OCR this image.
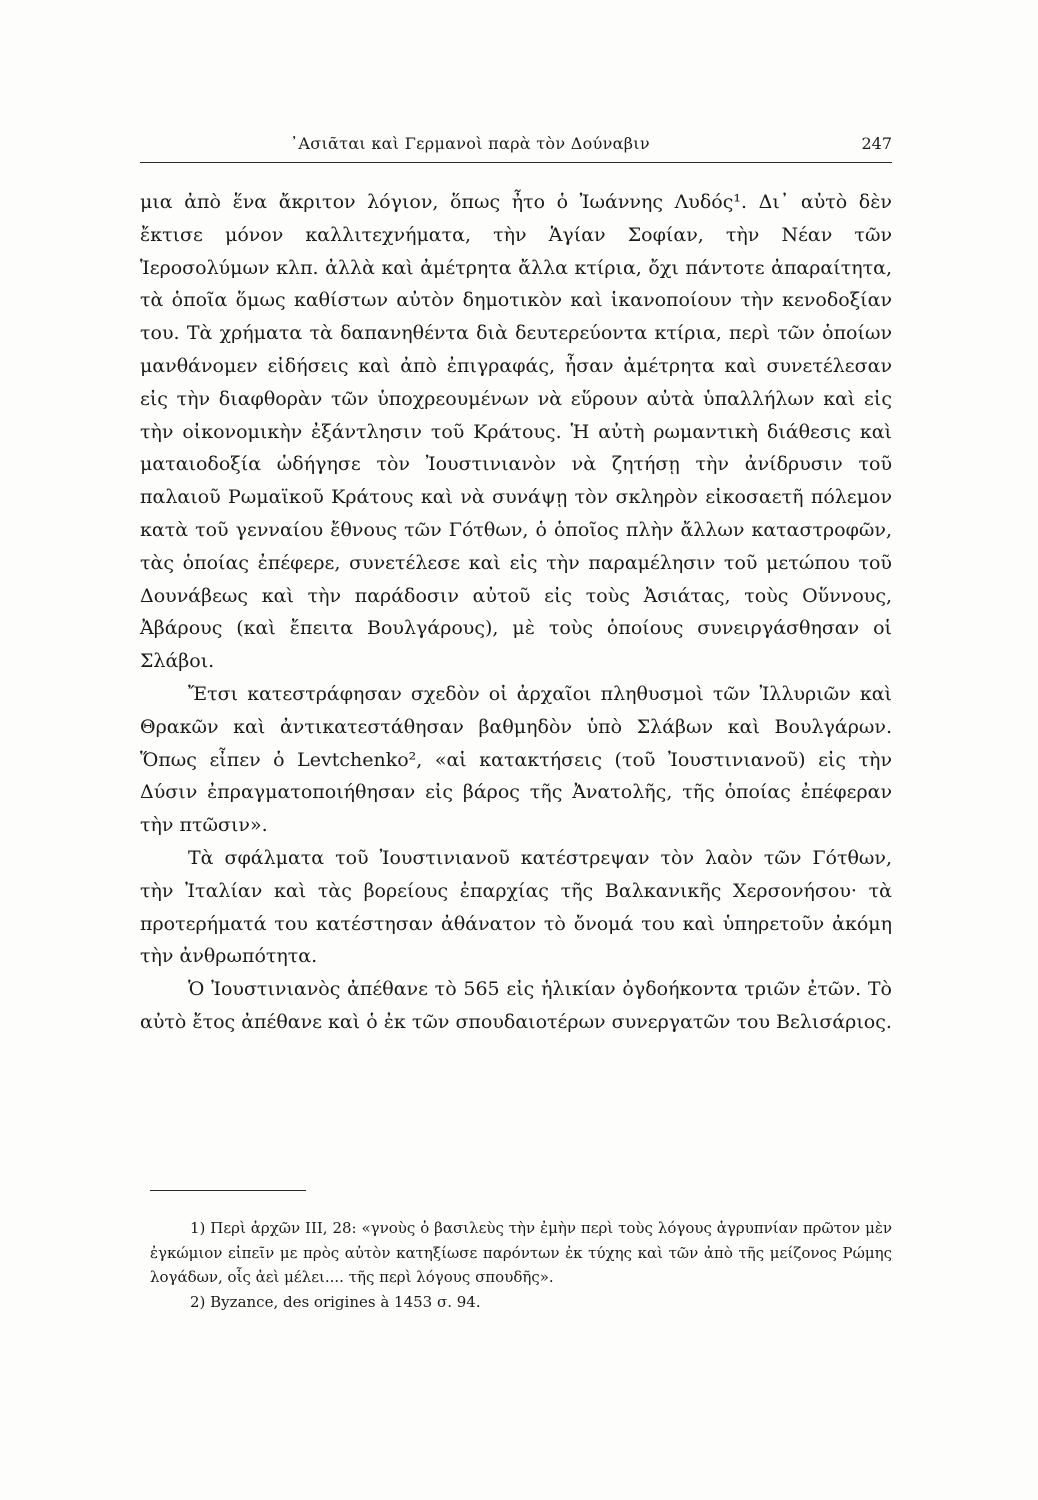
᾿Ασιᾶται καὶ Γερμανοὶ παρὰ τὸν Δούναβιν	247

μια ἀπὸ ἕνα ἄκριτον λόγιον, ὅπως ἦτο ὁ Ἰωάννης Λυδός¹. Δι᾿ αὐτὸ δὲν ἔκτισε μόνον καλλιτεχνήματα, τὴν Ἁγίαν Σοφίαν, τὴν Νέαν τῶν Ἱεροσολύμων κλπ. ἀλλὰ καὶ ἀμέτρητα ἄλλα κτίρια, ὄχι πάντοτε ἀπαραίτητα, τὰ ὁποῖα ὅμως καθίστων αὐτὸν δημοτικὸν καὶ ἱκανοποίουν τὴν κενοδοξίαν του. Τὰ χρήματα τὰ δαπανηθέντα διὰ δευτερεύοντα κτίρια, περὶ τῶν ὁποίων μανθάνομεν εἰδήσεις καὶ ἀπὸ ἐπιγραφάς, ἦσαν ἀμέτρητα καὶ συνετέλεσαν εἰς τὴν διαφθορὰν τῶν ὑποχρεουμένων νὰ εὕρουν αὐτὰ ὑπαλλήλων καὶ εἰς τὴν οἰκονομικὴν ἐξάντλησιν τοῦ Κράτους. Ἡ αὐτὴ ρωμαντικὴ διάθεσις καὶ ματαιοδοξία ὡδήγησε τὸν Ἰουστινιανὸν νὰ ζητήσῃ τὴν ἀνίδρυσιν τοῦ παλαιοῦ Ρωμαϊκοῦ Κράτους καὶ νὰ συνάψῃ τὸν σκληρὸν εἰκοσαετῆ πόλεμον κατὰ τοῦ γενναίου ἔθνους τῶν Γότθων, ὁ ὁποῖος πλὴν ἄλλων καταστροφῶν, τὰς ὁποίας ἐπέφερε, συνετέλεσε καὶ εἰς τὴν παραμέλησιν τοῦ μετώπου τοῦ Δουνάβεως καὶ τὴν παράδοσιν αὐτοῦ εἰς τοὺς Ἀσιάτας, τοὺς Οὕννους, Ἀβάρους (καὶ ἔπειτα Βουλγάρους), μὲ τοὺς ὁποίους συνειργάσθησαν οἱ Σλάβοι.

Ἔτσι κατεστράφησαν σχεδὸν οἱ ἀρχαῖοι πληθυσμοὶ τῶν Ἰλλυριῶν καὶ Θρακῶν καὶ ἀντικατεστάθησαν βαθμηδὸν ὑπὸ Σλάβων καὶ Βουλγάρων. Ὅπως εἶπεν ὁ Levtchenko², «αἱ κατακτήσεις (τοῦ Ἰουστινιανοῦ) εἰς τὴν Δύσιν ἐπραγματοποιήθησαν εἰς βάρος τῆς Ἀνατολῆς, τῆς ὁποίας ἐπέφεραν τὴν πτῶσιν».

Τὰ σφάλματα τοῦ Ἰουστινιανοῦ κατέστρεψαν τὸν λαὸν τῶν Γότθων, τὴν Ἰταλίαν καὶ τὰς βορείους ἐπαρχίας τῆς Βαλκανικῆς Χερσονήσου· τὰ προτερήματά του κατέστησαν ἀθάνατον τὸ ὄνομά του καὶ ὑπηρετοῦν ἀκόμη τὴν ἀνθρωπότητα.

Ὁ Ἰουστινιανὸς ἀπέθανε τὸ 565 εἰς ἡλικίαν ὀγδοήκοντα τριῶν ἐτῶν. Τὸ αὐτὸ ἔτος ἀπέθανε καὶ ὁ ἐκ τῶν σπουδαιοτέρων συνεργατῶν του Βελισάριος.

1) Περὶ ἀρχῶν ΙΙΙ, 28: «γνοὺς ὁ βασιλεὺς τὴν ἐμὴν περὶ τοὺς λόγους ἀγρυπνίαν πρῶτον μὲν ἐγκώμιον εἰπεῖν με πρὸς αὐτὸν κατηξίωσε παρόντων ἐκ τύχης καὶ τῶν ἀπὸ τῆς μείζονος Ρώμης λογάδων, οἷς ἀεὶ μέλει.... τῆς περὶ λόγους σπουδῆς».

2) Byzance, des origines à 1453 σ. 94.
